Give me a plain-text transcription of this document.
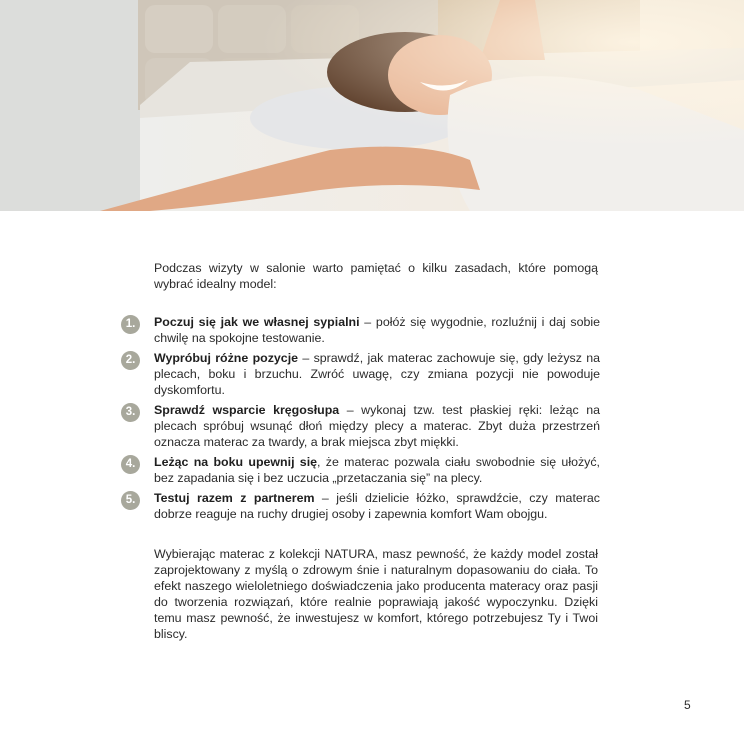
Podczas wizyty w salonie warto pamiętać o kilku zasadach, które pomogą wybrać idealny model:

1.	Poczuj się jak we własnej sypialni – połóż się wygodnie, rozluźnij i daj sobie chwilę na spokojne testowanie.
2.	Wypróbuj różne pozycje – sprawdź, jak materac zachowuje się, gdy leżysz na plecach, boku i brzuchu. Zwróć uwagę, czy zmiana pozycji nie powoduje dyskomfortu.
3.	Sprawdź wsparcie kręgosłupa – wykonaj tzw. test płaskiej ręki: leżąc na plecach spróbuj wsunąć dłoń między plecy a materac. Zbyt duża przestrzeń oznacza materac za twardy, a brak miejsca zbyt miękki.
4.	Leżąc na boku upewnij się, że materac pozwala ciału swobodnie się ułożyć, bez zapadania się i bez uczucia „przetaczania się” na plecy.
5.	Testuj razem z partnerem – jeśli dzielicie łóżko, sprawdźcie, czy materac dobrze reaguje na ruchy drugiej osoby i zapewnia komfort Wam obojgu.

Wybierając materac z kolekcji NATURA, masz pewność, że każdy model został zaprojektowany z myślą o zdrowym śnie i naturalnym dopasowaniu do ciała. To efekt naszego wieloletniego doświadczenia jako producenta materacy oraz pasji do tworzenia rozwiązań, które realnie poprawiają jakość wypoczynku. Dzięki temu masz pewność, że inwestujesz w komfort, którego potrzebujesz Ty i Twoi bliscy.

5
